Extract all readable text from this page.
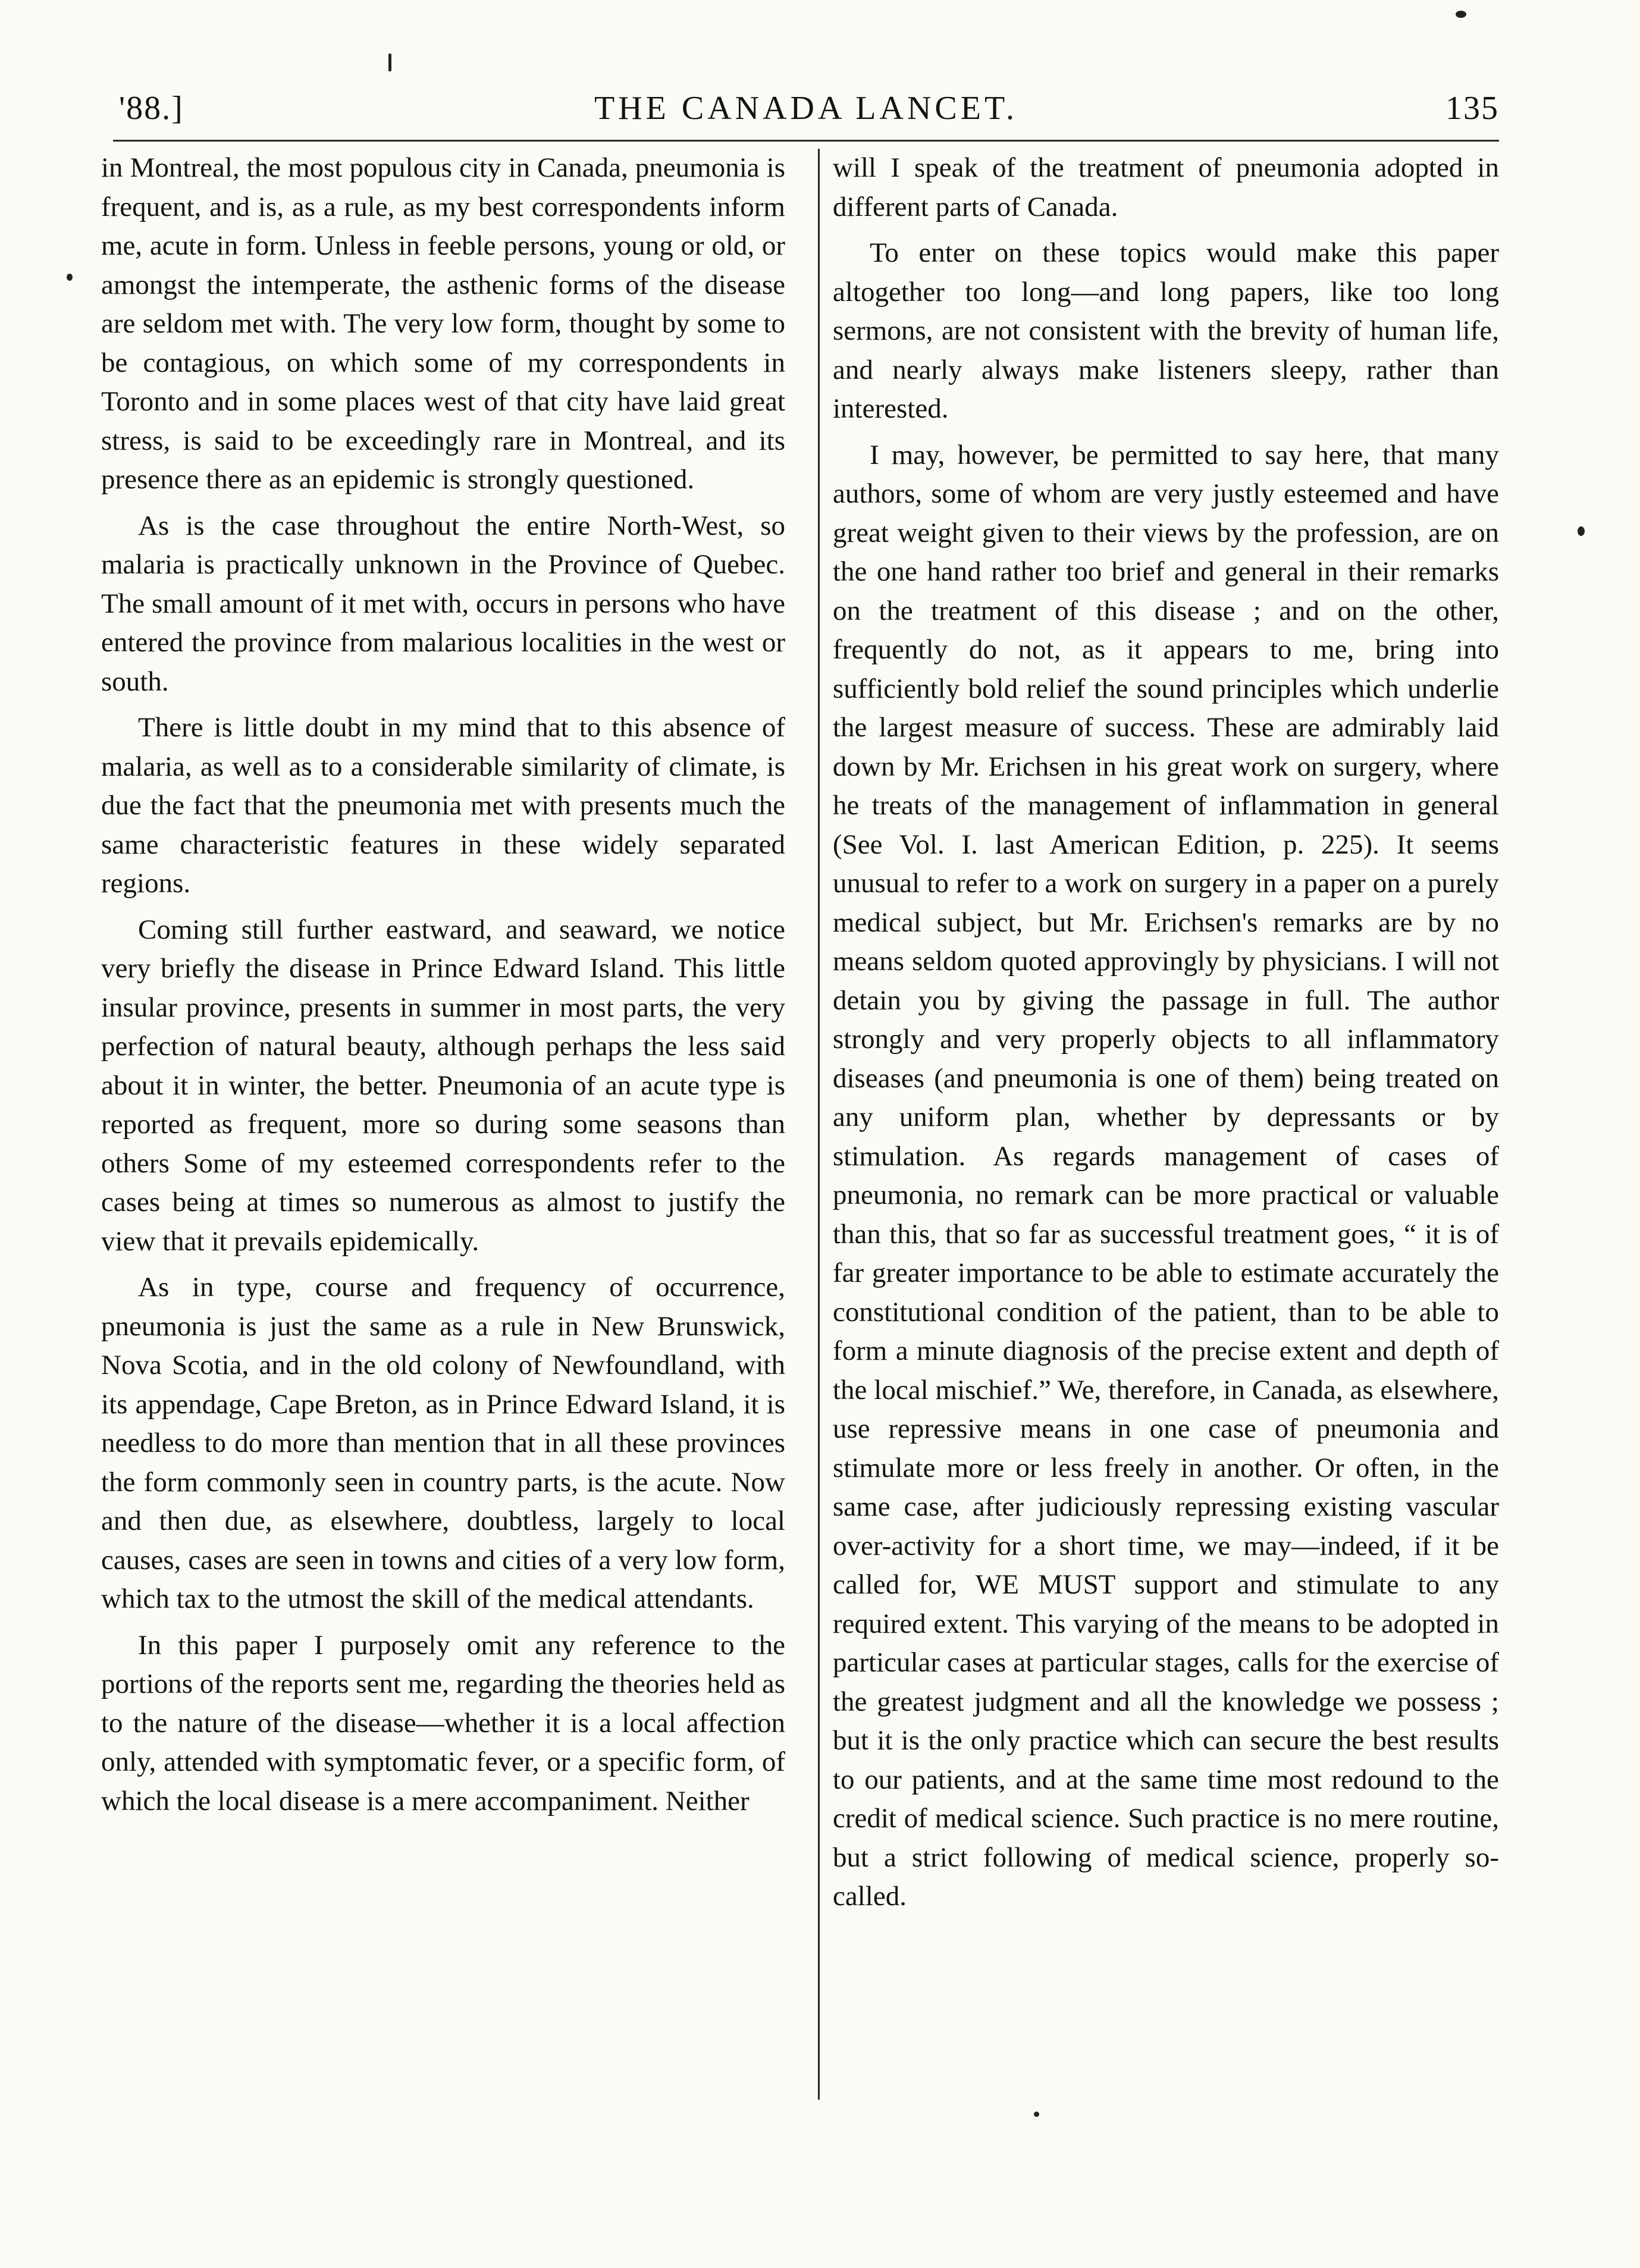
'88.]	THE CANADA LANCET.	135

in Montreal, the most populous city in Canada, pneumonia is frequent, and is, as a rule, as my best correspondents inform me, acute in form. Unless in feeble persons, young or old, or amongst the intemperate, the asthenic forms of the disease are seldom met with. The very low form, thought by some to be contagious, on which some of my correspondents in Toronto and in some places west of that city have laid great stress, is said to be exceedingly rare in Montreal, and its presence there as an epidemic is strongly questioned.

As is the case throughout the entire North-West, so malaria is practically unknown in the Province of Quebec. The small amount of it met with, occurs in persons who have entered the province from malarious localities in the west or south.

There is little doubt in my mind that to this absence of malaria, as well as to a considerable similarity of climate, is due the fact that the pneumonia met with presents much the same characteristic features in these widely separated regions.

Coming still further eastward, and seaward, we notice very briefly the disease in Prince Edward Island. This little insular province, presents in summer in most parts, the very perfection of natural beauty, although perhaps the less said about it in winter, the better. Pneumonia of an acute type is reported as frequent, more so during some seasons than others Some of my esteemed correspondents refer to the cases being at times so numerous as almost to justify the view that it prevails epidemically.

As in type, course and frequency of occurrence, pneumonia is just the same as a rule in New Brunswick, Nova Scotia, and in the old colony of Newfoundland, with its appendage, Cape Breton, as in Prince Edward Island, it is needless to do more than mention that in all these provinces the form commonly seen in country parts, is the acute. Now and then due, as elsewhere, doubtless, largely to local causes, cases are seen in towns and cities of a very low form, which tax to the utmost the skill of the medical attendants.

In this paper I purposely omit any reference to the portions of the reports sent me, regarding the theories held as to the nature of the disease—whether it is a local affection only, attended with symptomatic fever, or a specific form, of which the local disease is a mere accompaniment. Neither

will I speak of the treatment of pneumonia adopted in different parts of Canada.

To enter on these topics would make this paper altogether too long—and long papers, like too long sermons, are not consistent with the brevity of human life, and nearly always make listeners sleepy, rather than interested.

I may, however, be permitted to say here, that many authors, some of whom are very justly esteemed and have great weight given to their views by the profession, are on the one hand rather too brief and general in their remarks on the treatment of this disease ; and on the other, frequently do not, as it appears to me, bring into sufficiently bold relief the sound principles which underlie the largest measure of success. These are admirably laid down by Mr. Erichsen in his great work on surgery, where he treats of the management of inflammation in general (See Vol. I. last American Edition, p. 225). It seems unusual to refer to a work on surgery in a paper on a purely medical subject, but Mr. Erichsen's remarks are by no means seldom quoted approvingly by physicians. I will not detain you by giving the passage in full. The author strongly and very properly objects to all inflammatory diseases (and pneumonia is one of them) being treated on any uniform plan, whether by depressants or by stimulation. As regards management of cases of pneumonia, no remark can be more practical or valuable than this, that so far as successful treatment goes, “ it is of far greater importance to be able to estimate accurately the constitutional condition of the patient, than to be able to form a minute diagnosis of the precise extent and depth of the local mischief.” We, therefore, in Canada, as elsewhere, use repressive means in one case of pneumonia and stimulate more or less freely in another. Or often, in the same case, after judiciously repressing existing vascular over-activity for a short time, we may—indeed, if it be called for, WE MUST support and stimulate to any required extent. This varying of the means to be adopted in particular cases at particular stages, calls for the exercise of the greatest judgment and all the knowledge we possess ; but it is the only practice which can secure the best results to our patients, and at the same time most redound to the credit of medical science. Such practice is no mere routine, but a strict following of medical science, properly so-called.
